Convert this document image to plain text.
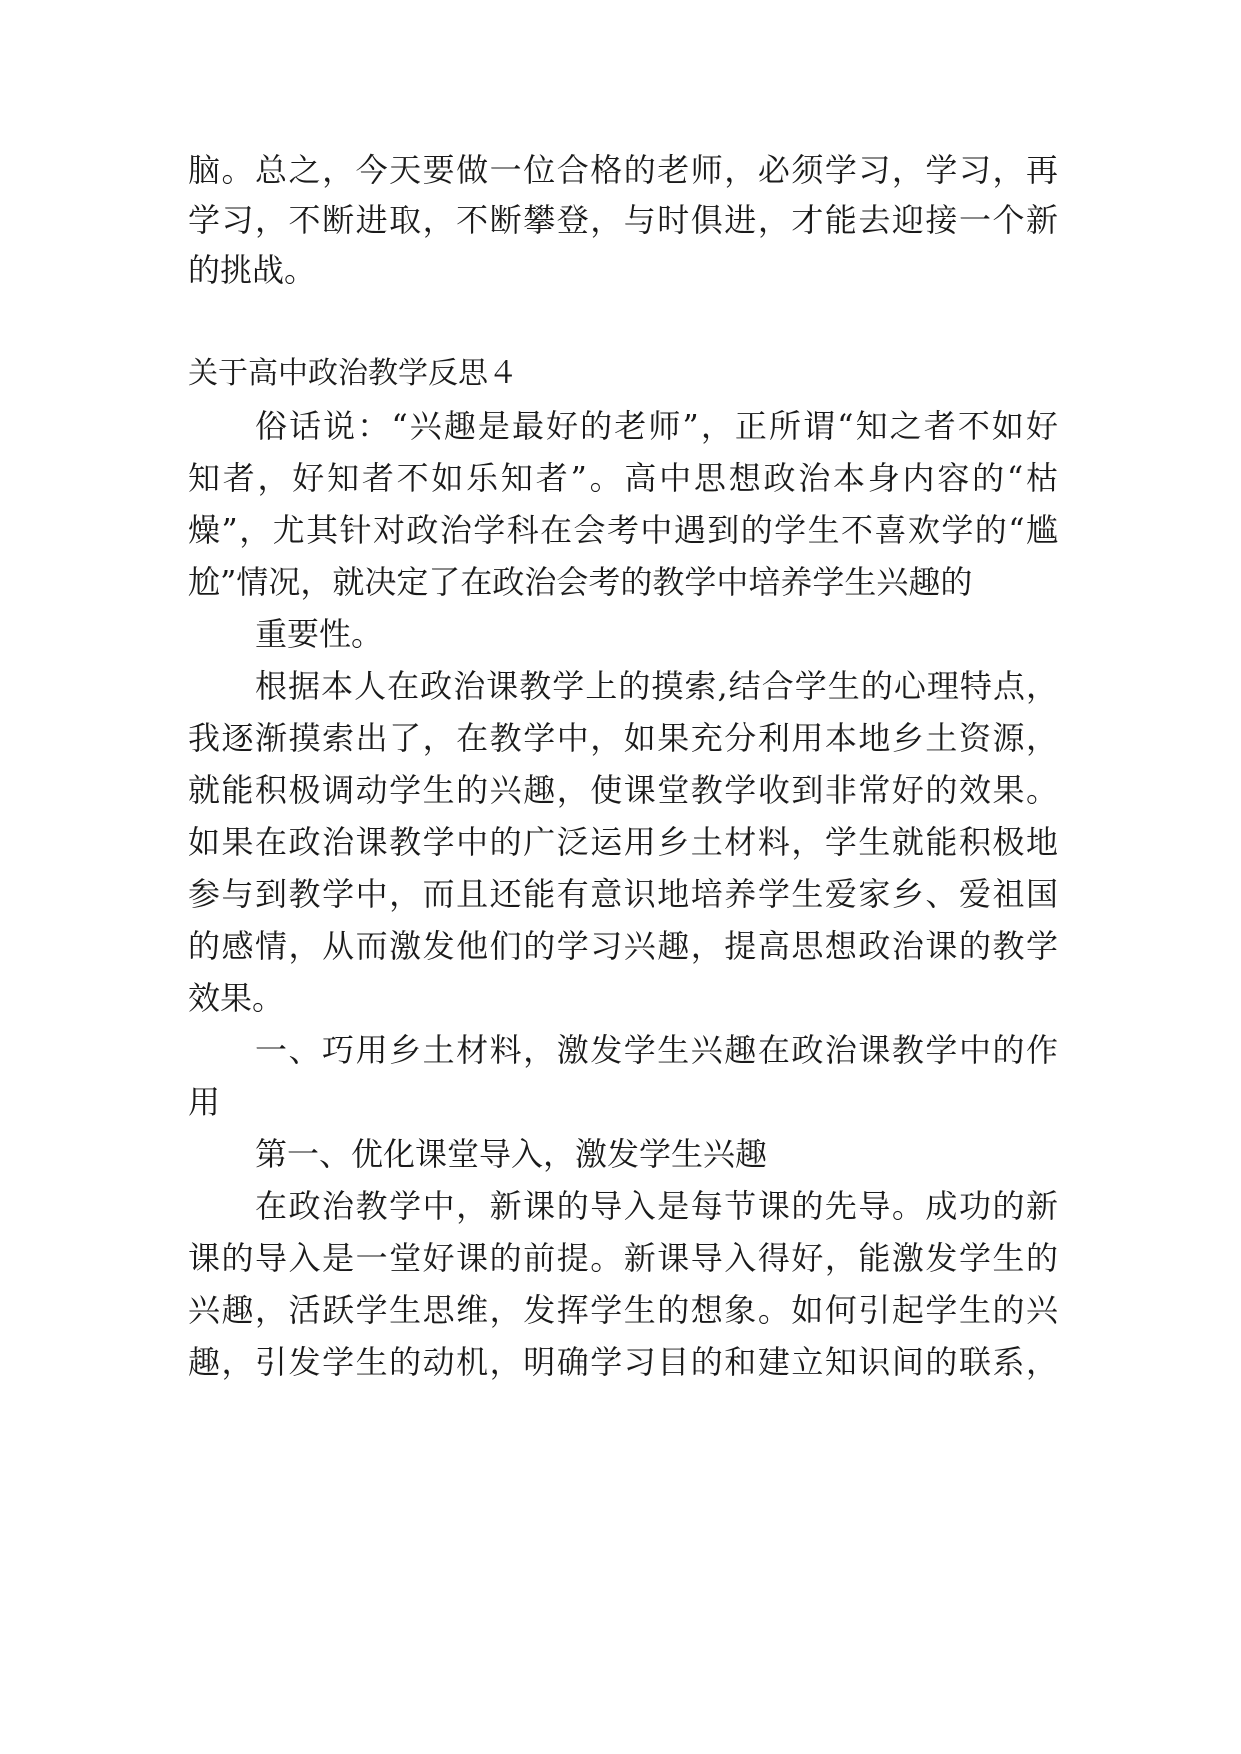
脑。总之，今天要做一位合格的老师，必须学习，学习，再
学习，不断进取，不断攀登，与时俱进，才能去迎接一个新
的挑战。
关于高中政治教学反思４
俗话说：“兴趣是最好的老师”，正所谓“知之者不如好
知者，好知者不如乐知者”。高中思想政治本身内容的“枯
燥”，尤其针对政治学科在会考中遇到的学生不喜欢学的“尴
尬”情况，就决定了在政治会考的教学中培养学生兴趣的
重要性。
根据本人在政治课教学上的摸索,结合学生的心理特点，
我逐渐摸索出了，在教学中，如果充分利用本地乡土资源，
就能积极调动学生的兴趣，使课堂教学收到非常好的效果。
如果在政治课教学中的广泛运用乡土材料，学生就能积极地
参与到教学中，而且还能有意识地培养学生爱家乡、爱祖国
的感情，从而激发他们的学习兴趣，提高思想政治课的教学
效果。
一、巧用乡土材料，激发学生兴趣在政治课教学中的作
用
第一、优化课堂导入，激发学生兴趣
在政治教学中，新课的导入是每节课的先导。成功的新
课的导入是一堂好课的前提。新课导入得好，能激发学生的
兴趣，活跃学生思维，发挥学生的想象。如何引起学生的兴
趣，引发学生的动机，明确学习目的和建立知识间的联系，
